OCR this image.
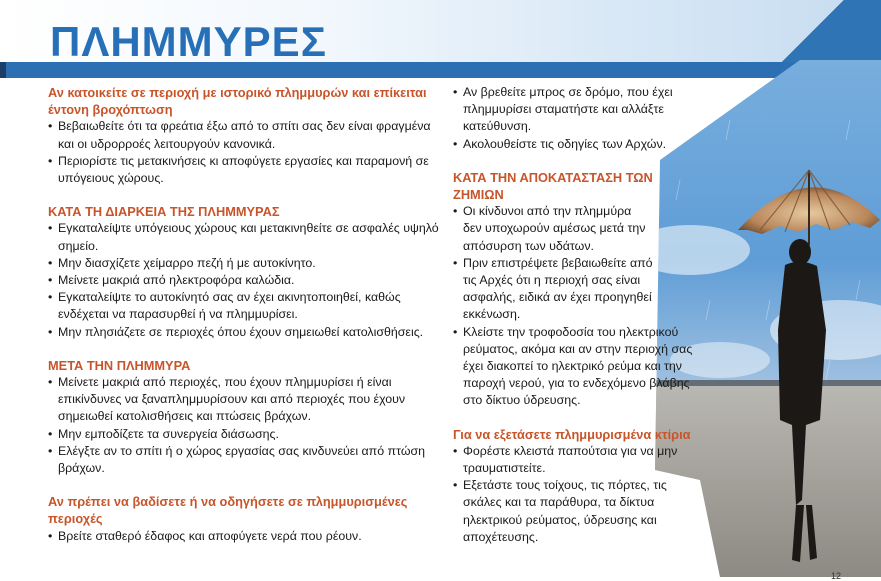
ΠΛΗΜΜΥΡΕΣ

Αν κατοικείτε σε περιοχή με ιστορικό πλημμυρών και επίκειται έντονη βροχόπτωση

• Βεβαιωθείτε ότι τα φρεάτια έξω από το σπίτι σας δεν είναι φραγμένα και οι υδρορροές λειτουργούν κανονικά.

• Περιορίστε τις μετακινήσεις κι αποφύγετε εργασίες και παραμονή σε υπόγειους χώρους.

ΚΑΤΑ ΤΗ ΔΙΑΡΚΕΙΑ ΤΗΣ ΠΛΗΜΜΥΡΑΣ

• Εγκαταλείψτε υπόγειους χώρους και μετακινηθείτε σε ασφαλές υψηλό σημείο.

• Μην διασχίζετε χείμαρρο πεζή ή με αυτοκίνητο.

• Μείνετε μακριά από ηλεκτροφόρα καλώδια.

• Εγκαταλείψτε το αυτοκίνητό σας αν έχει ακινητοποιηθεί, καθώς ενδέχεται να παρασυρθεί ή να πλημμυρίσει.

• Μην πλησιάζετε σε περιοχές όπου έχουν σημειωθεί κατολισθήσεις.

ΜΕΤΑ ΤΗΝ ΠΛΗΜΜΥΡΑ

• Μείνετε μακριά από περιοχές, που έχουν πλημμυρίσει ή είναι επικίνδυνες να ξαναπλημμυρίσουν και από περιοχές που έχουν σημειωθεί κατολισθήσεις και πτώσεις βράχων.

• Μην εμποδίζετε τα συνεργεία διάσωσης.

• Ελέγξτε αν το σπίτι ή ο χώρος εργασίας σας κινδυνεύει από πτώση βράχων.

Αν πρέπει να βαδίσετε ή να οδηγήσετε σε πλημμυρισμένες περιοχές

• Βρείτε σταθερό έδαφος και αποφύγετε νερά που ρέουν.

• Αν βρεθείτε μπρος σε δρόμο, που έχει πλημμυρίσει σταματήστε και αλλάξτε κατεύθυνση.

• Ακολουθείστε τις οδηγίες των Αρχών.

ΚΑΤΑ ΤΗΝ ΑΠΟΚΑΤΑΣΤΑΣΗ ΤΩΝ ΖΗΜΙΩΝ

• Οι κίνδυνοι από την πλημμύρα δεν υποχωρούν αμέσως μετά την απόσυρση των υδάτων.

• Πριν επιστρέψετε βεβαιωθείτε από τις Αρχές ότι η περιοχή σας είναι ασφαλής, ειδικά αν έχει προηγηθεί εκκένωση.

• Κλείστε την τροφοδοσία του ηλεκτρικού ρεύματος, ακόμα και αν στην περιοχή σας έχει διακοπεί το ηλεκτρικό ρεύμα και την παροχή νερού, για το ενδεχόμενο βλάβης στο δίκτυο ύδρευσης.

Για να εξετάσετε πλημμυρισμένα κτίρια

• Φορέστε κλειστά παπούτσια για να μην τραυματιστείτε.

• Εξετάστε τους τοίχους, τις πόρτες, τις σκάλες και τα παράθυρα, τα δίκτυα ηλεκτρικού ρεύματος, ύδρευσης και αποχέτευσης.

12
